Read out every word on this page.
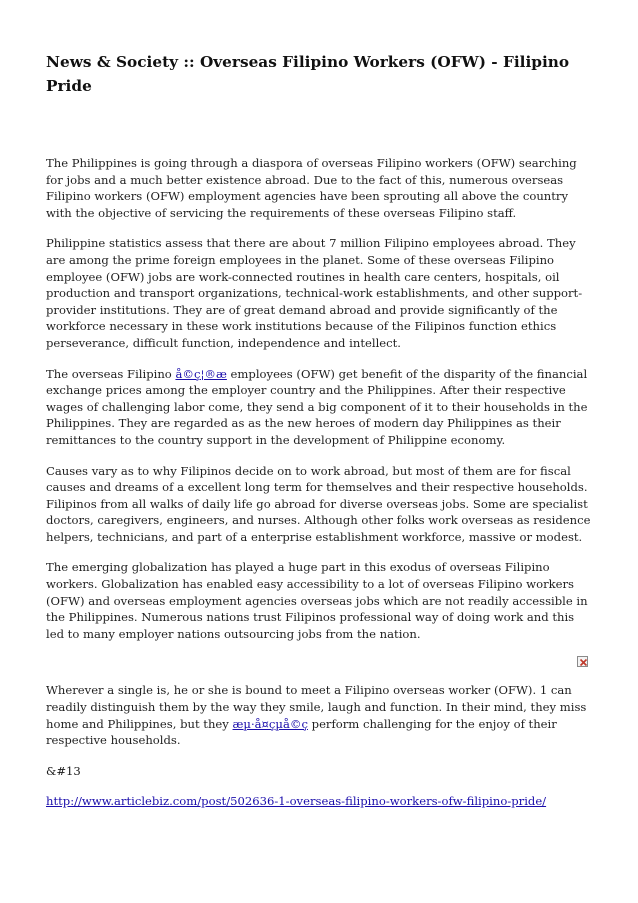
News & Society :: Overseas Filipino Workers (OFW) - Filipino Pride

The Philippines is going through a diaspora of overseas Filipino workers (OFW) searching for jobs and a much better existence abroad. Due to the fact of this, numerous overseas Filipino workers (OFW) employment agencies have been sprouting all above the country with the objective of servicing the requirements of these overseas Filipino staff.

Philippine statistics assess that there are about 7 million Filipino employees abroad. They are among the prime foreign employees in the planet. Some of these overseas Filipino employee (OFW) jobs are work-connected routines in health care centers, hospitals, oil production and transport organizations, technical-work establishments, and other support-provider institutions. They are of great demand abroad and provide significantly of the workforce necessary in these work institutions because of the Filipinos function ethics perseverance, difficult function, independence and intellect.

The overseas Filipino å©ç¦®æ employees (OFW) get benefit of the disparity of the financial exchange prices among the employer country and the Philippines. After their respective wages of challenging labor come, they send a big component of it to their households in the Philippines. They are regarded as as the new heroes of modern day Philippines as their remittances to the country support in the development of Philippine economy.

Causes vary as to why Filipinos decide on to work abroad, but most of them are for fiscal causes and dreams of a excellent long term for themselves and their respective households. Filipinos from all walks of daily life go abroad for diverse overseas jobs. Some are specialist doctors, caregivers, engineers, and nurses. Although other folks work overseas as residence helpers, technicians, and part of a enterprise establishment workforce, massive or modest.

The emerging globalization has played a huge part in this exodus of overseas Filipino workers. Globalization has enabled easy accessibility to a lot of overseas Filipino workers (OFW) and overseas employment agencies overseas jobs which are not readily accessible in the Philippines. Numerous nations trust Filipinos professional way of doing work and this led to many employer nations outsourcing jobs from the nation.

Wherever a single is, he or she is bound to meet a Filipino overseas worker (OFW). 1 can readily distinguish them by the way they smile, laugh and function. In their mind, they miss home and Philippines, but they æµ·å¤çµå©ç perform challenging for the enjoy of their respective households.

&#13

http://www.articlebiz.com/post/502636-1-overseas-filipino-workers-ofw-filipino-pride/
